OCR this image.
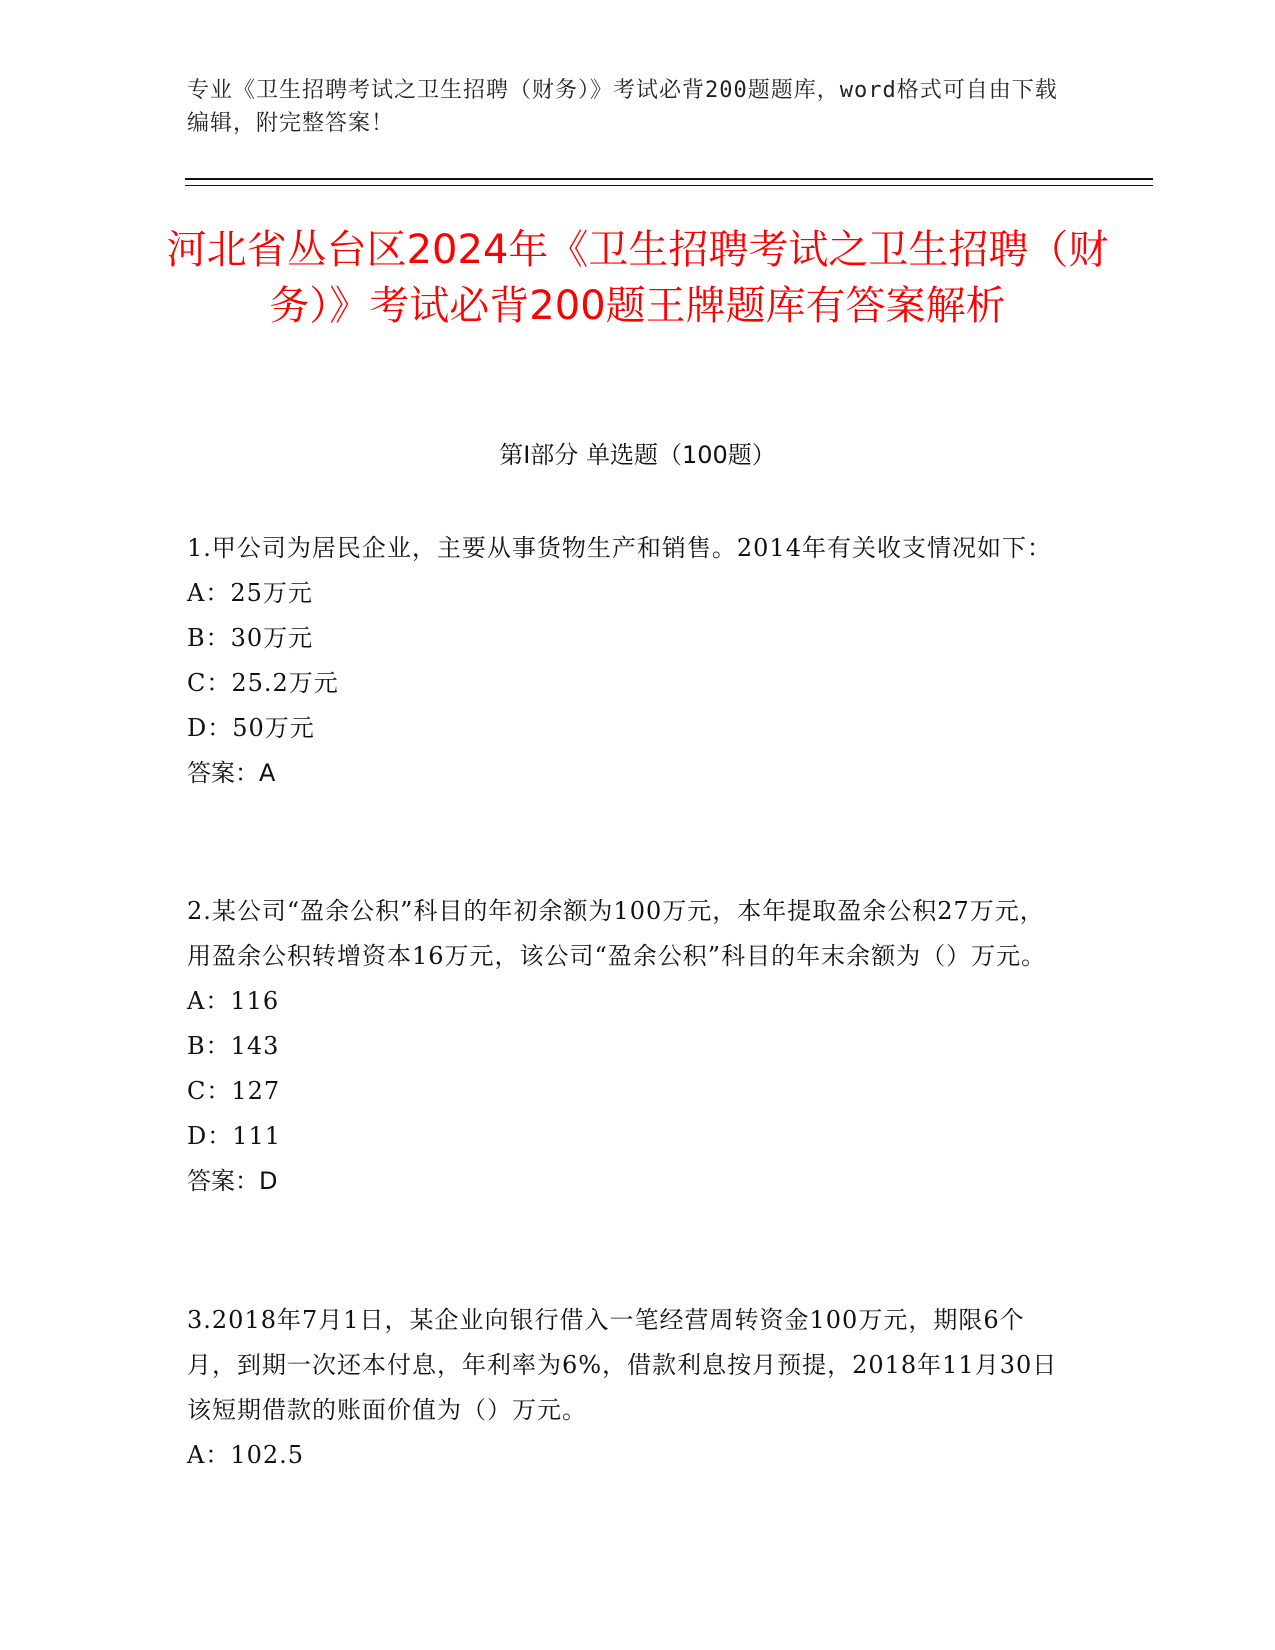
专业《卫生招聘考试之卫生招聘（财务）》考试必背200题题库，word格式可自由下载编辑，附完整答案！
河北省丛台区2024年《卫生招聘考试之卫生招聘（财务）》考试必背200题王牌题库有答案解析
第I部分 单选题（100题）
1.甲公司为居民企业，主要从事货物生产和销售。2014年有关收支情况如下：
A：25万元
B：30万元
C：25.2万元
D：50万元
答案：A
2.某公司“盈余公积”科目的年初余额为100万元，本年提取盈余公积27万元，用盈余公积转增资本16万元，该公司“盈余公积”科目的年末余额为（）万元。
A：116
B：143
C：127
D：111
答案：D
3.2018年7月1日，某企业向银行借入一笔经营周转资金100万元，期限6个月，到期一次还本付息，年利率为6%，借款利息按月预提，2018年11月30日该短期借款的账面价值为（）万元。
A：102.5
